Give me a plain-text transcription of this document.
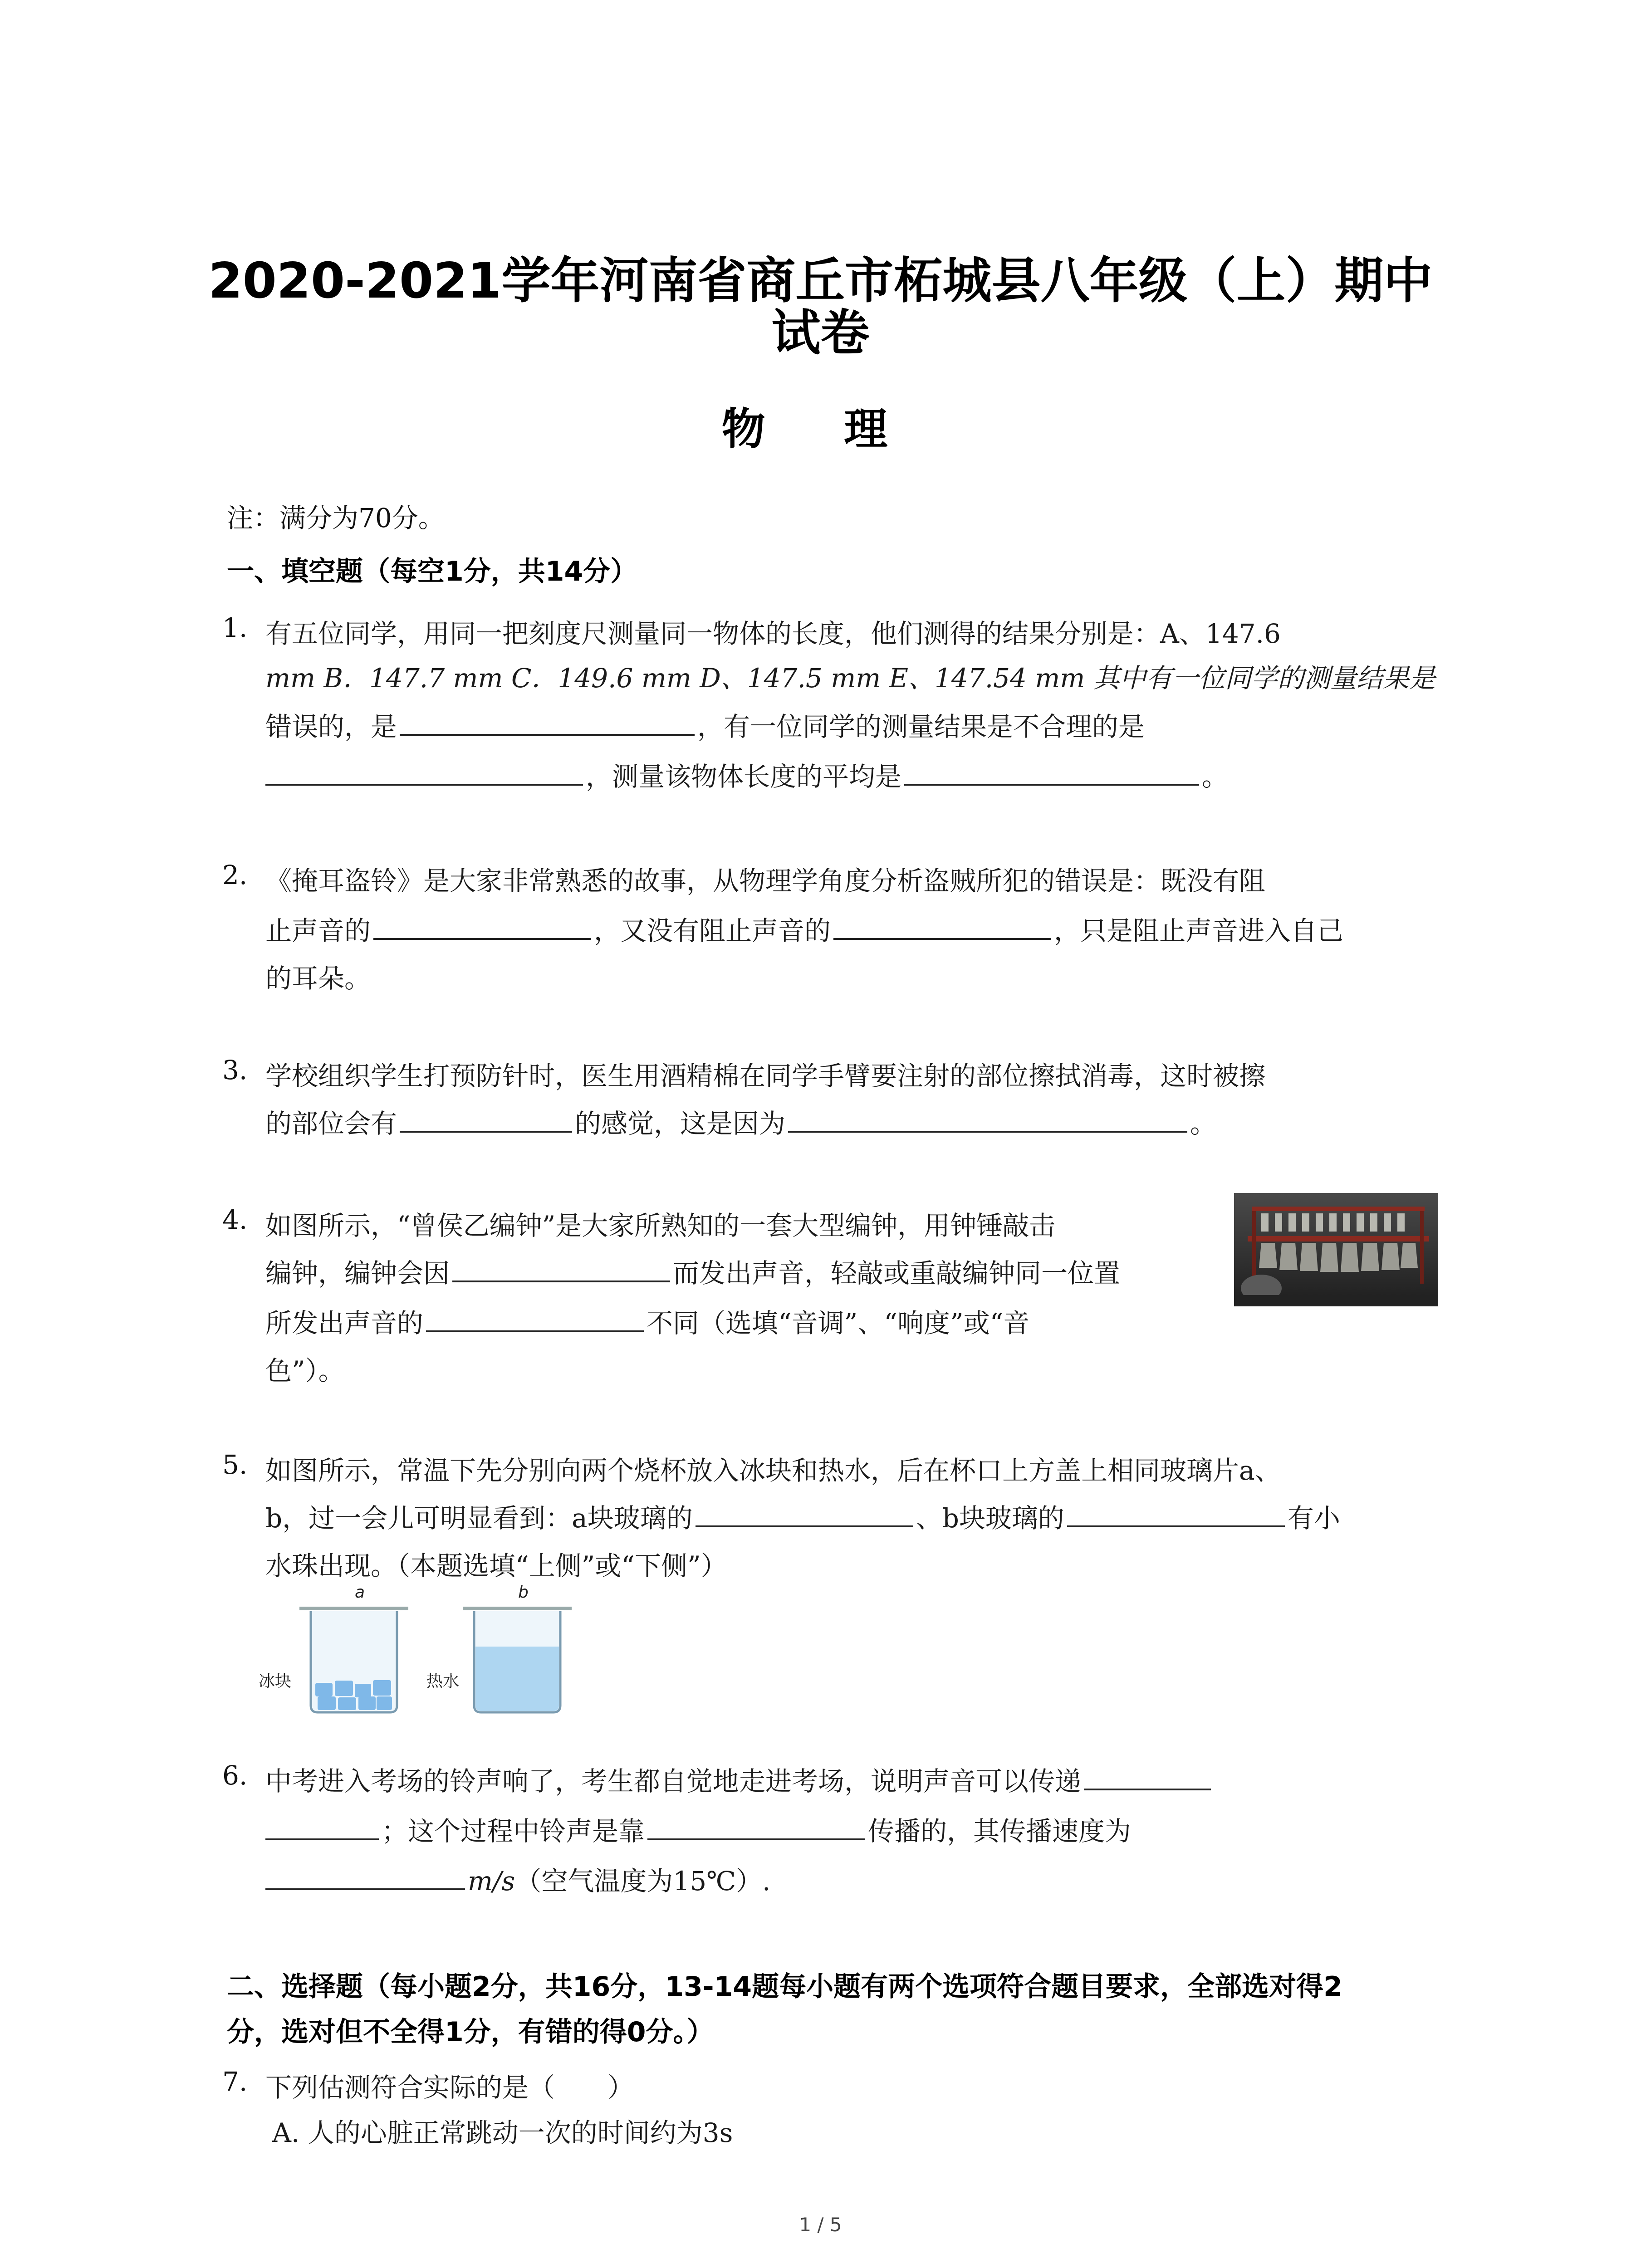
2020-2021学年河南省商丘市柘城县八年级（上）期中
试卷
物 理
注：满分为70分。
一、填空题（每空1分，共14分）
1. 有五位同学，用同一把刻度尺测量同一物体的长度，他们测得的结果分别是：A、147.6
mm B．147.7 mm C．149.6 mm D、147.5 mm E、147.54 mm 其中有一位同学的测量结果是
错误的，是	，有一位同学的测量结果是不合理的是
，测量该物体长度的平均是	。
2. 《掩耳盗铃》是大家非常熟悉的故事，从物理学角度分析盗贼所犯的错误是：既没有阻
止声音的	，又没有阻止声音的	，只是阻止声音进入自己
的耳朵。
3. 学校组织学生打预防针时，医生用酒精棉在同学手臂要注射的部位擦拭消毒，这时被擦
的部位会有	的感觉，这是因为	。
4. 如图所示，“曾侯乙编钟”是大家所熟知的一套大型编钟，用钟锤敲击
编钟，编钟会因	而发出声音，轻敲或重敲编钟同一位置
所发出声音的	不同（选填“音调”、“响度”或“音
色”）。
5. 如图所示，常温下先分别向两个烧杯放入冰块和热水，后在杯口上方盖上相同玻璃片a、
b，过一会儿可明显看到：a块玻璃的	、b块玻璃的	有小
水珠出现。（本题选填“上侧”或“下侧”）
a	b
冰块	热水
6. 中考进入考场的铃声响了，考生都自觉地走进考场，说明声音可以传递
；这个过程中铃声是靠	传播的，其传播速度为
m/s（空气温度为15℃）.
二、选择题（每小题2分，共16分，13-14题每小题有两个选项符合题目要求，全部选对得2
分，选对但不全得1分，有错的得0分。）
7. 下列估测符合实际的是（　　）
A. 人的心脏正常跳动一次的时间约为3s
1 / 5
